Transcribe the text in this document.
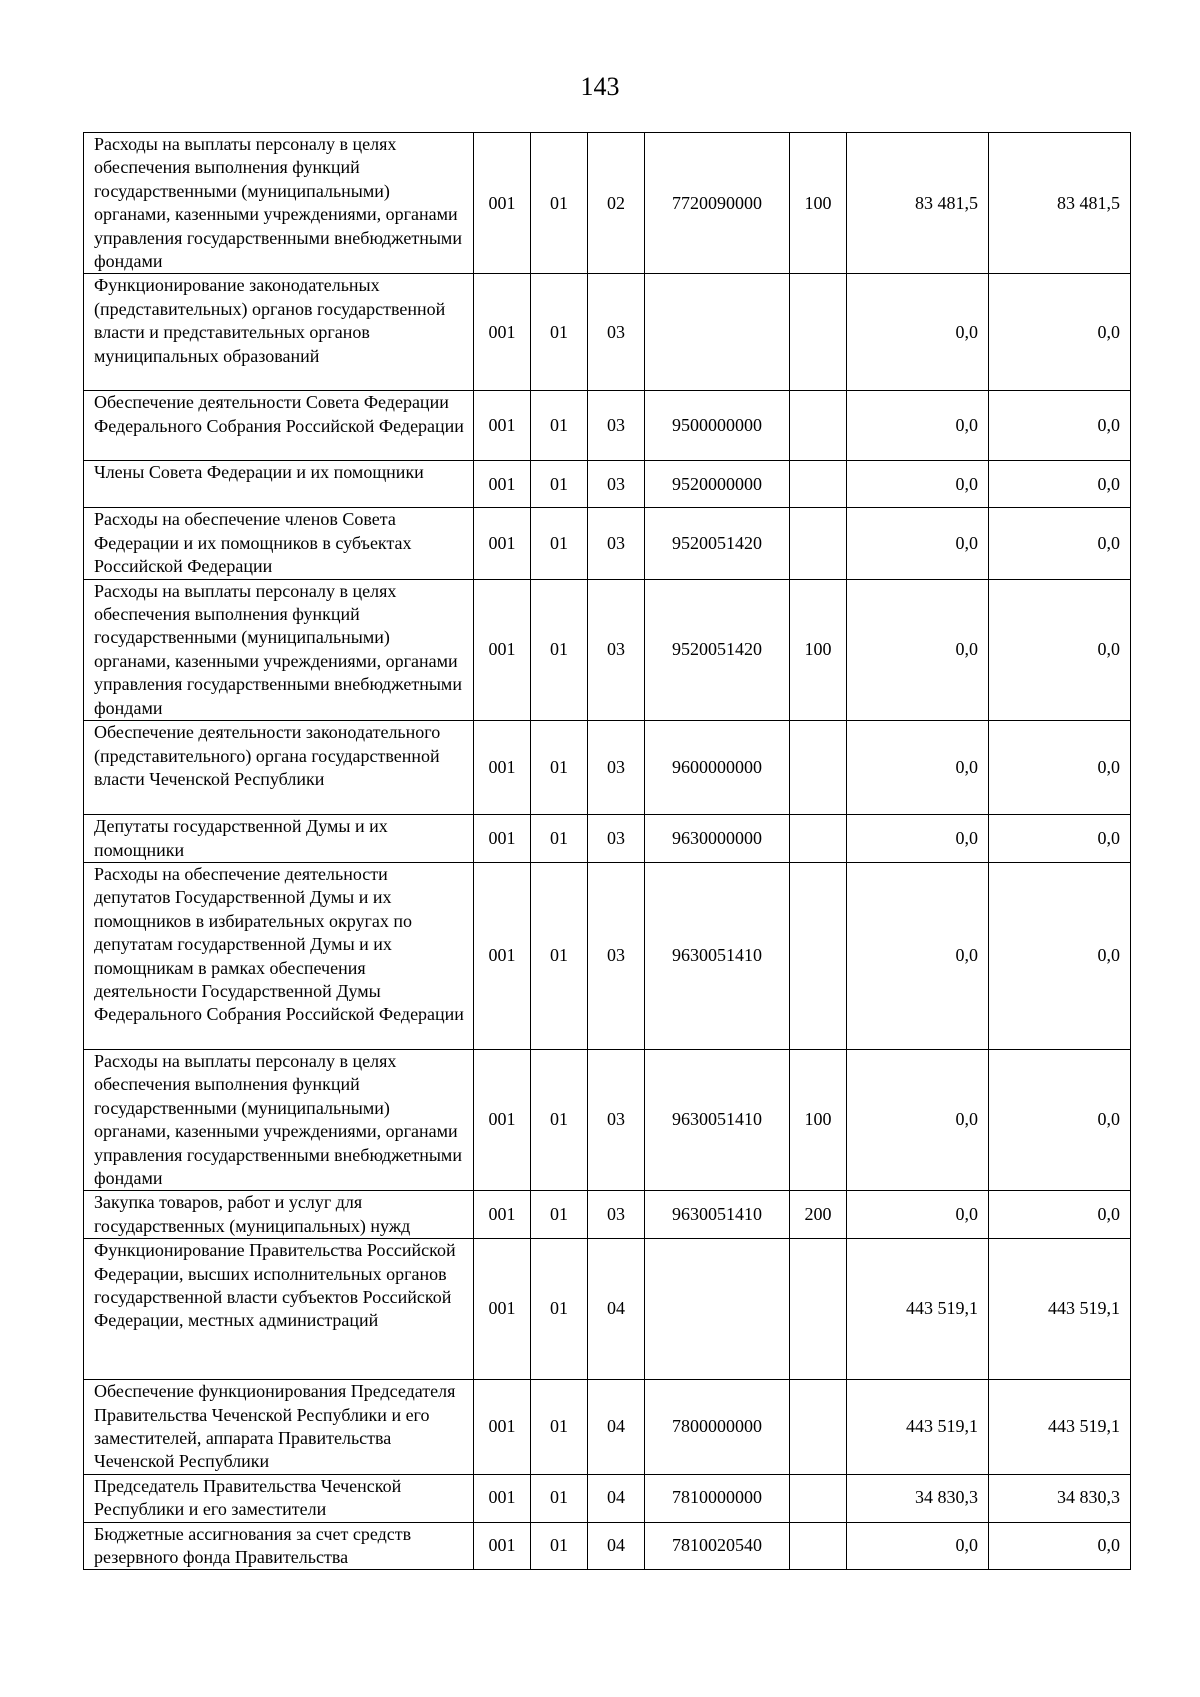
143
Расходы на выплаты персоналу в целях обеспечения выполнения функций государственными (муниципальными) органами, казенными учреждениями, органами управления государственными внебюджетными фондами	001	01	02	7720090000	100	83 481,5	83 481,5
Функционирование законодательных (представительных) органов государственной власти и представительных органов муниципальных образований	001	01	03			0,0	0,0
Обеспечение деятельности Совета Федерации Федерального Собрания Российской Федерации	001	01	03	9500000000		0,0	0,0
Члены Совета Федерации и их помощники	001	01	03	9520000000		0,0	0,0
Расходы на обеспечение членов Совета Федерации и их помощников в субъектах Российской Федерации	001	01	03	9520051420		0,0	0,0
Расходы на выплаты персоналу в целях обеспечения выполнения функций государственными (муниципальными) органами, казенными учреждениями, органами управления государственными внебюджетными фондами	001	01	03	9520051420	100	0,0	0,0
Обеспечение деятельности законодательного (представительного) органа государственной власти Чеченской Республики	001	01	03	9600000000		0,0	0,0
Депутаты государственной Думы и их помощники	001	01	03	9630000000		0,0	0,0
Расходы на обеспечение деятельности депутатов Государственной Думы и их помощников в избирательных округах по депутатам государственной Думы и их помощникам в рамках обеспечения деятельности Государственной Думы Федерального Собрания Российской Федерации	001	01	03	9630051410		0,0	0,0
Расходы на выплаты персоналу в целях обеспечения выполнения функций государственными (муниципальными) органами, казенными учреждениями, органами управления государственными внебюджетными фондами	001	01	03	9630051410	100	0,0	0,0
Закупка товаров, работ и услуг для государственных (муниципальных) нужд	001	01	03	9630051410	200	0,0	0,0
Функционирование Правительства Российской Федерации, высших исполнительных органов государственной власти субъектов Российской Федерации, местных администраций	001	01	04			443 519,1	443 519,1
Обеспечение функционирования Председателя Правительства Чеченской Республики и его заместителей, аппарата Правительства Чеченской Республики	001	01	04	7800000000		443 519,1	443 519,1
Председатель Правительства Чеченской Республики и его заместители	001	01	04	7810000000		34 830,3	34 830,3
Бюджетные ассигнования за счет средств резервного фонда Правительства	001	01	04	7810020540		0,0	0,0
